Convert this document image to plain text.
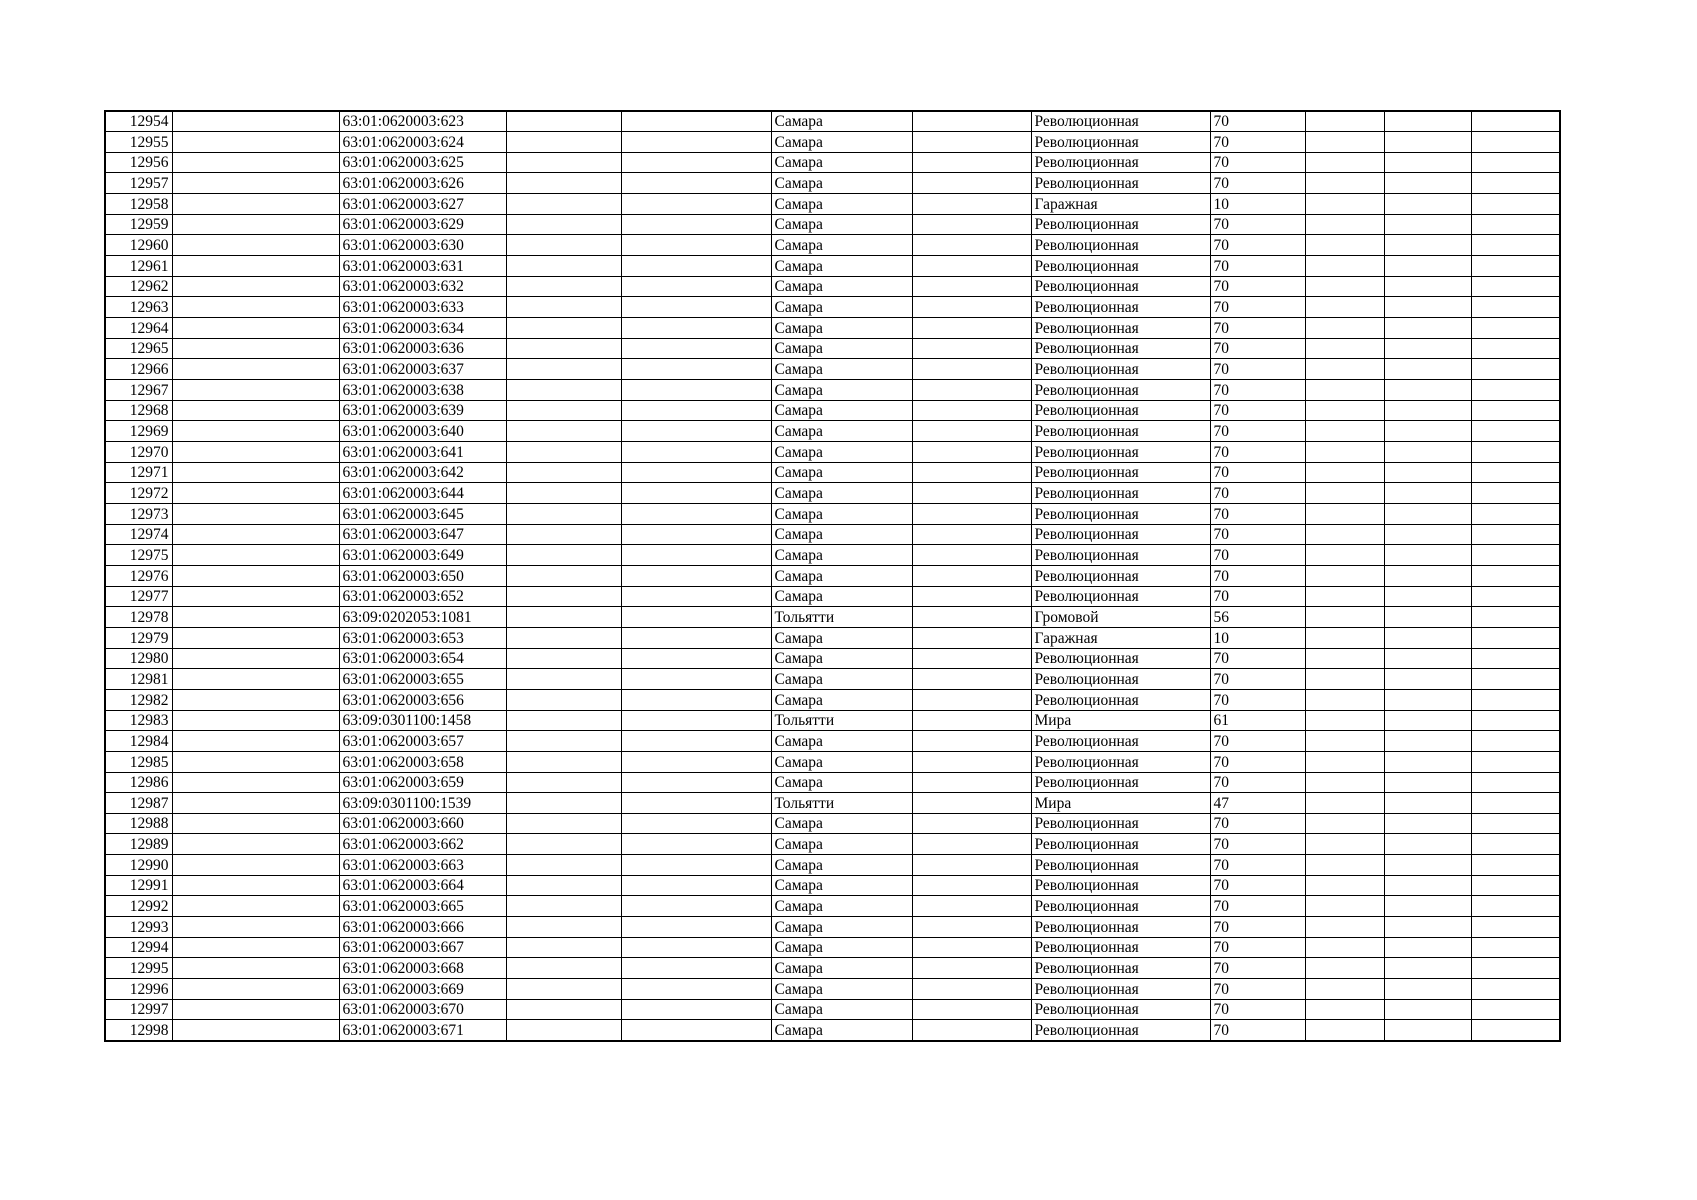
12954		63:01:0620003:623			Самара		Революционная	70			
12955		63:01:0620003:624			Самара		Революционная	70			
12956		63:01:0620003:625			Самара		Революционная	70			
12957		63:01:0620003:626			Самара		Революционная	70			
12958		63:01:0620003:627			Самара		Гаражная	10			
12959		63:01:0620003:629			Самара		Революционная	70			
12960		63:01:0620003:630			Самара		Революционная	70			
12961		63:01:0620003:631			Самара		Революционная	70			
12962		63:01:0620003:632			Самара		Революционная	70			
12963		63:01:0620003:633			Самара		Революционная	70			
12964		63:01:0620003:634			Самара		Революционная	70			
12965		63:01:0620003:636			Самара		Революционная	70			
12966		63:01:0620003:637			Самара		Революционная	70			
12967		63:01:0620003:638			Самара		Революционная	70			
12968		63:01:0620003:639			Самара		Революционная	70			
12969		63:01:0620003:640			Самара		Революционная	70			
12970		63:01:0620003:641			Самара		Революционная	70			
12971		63:01:0620003:642			Самара		Революционная	70			
12972		63:01:0620003:644			Самара		Революционная	70			
12973		63:01:0620003:645			Самара		Революционная	70			
12974		63:01:0620003:647			Самара		Революционная	70			
12975		63:01:0620003:649			Самара		Революционная	70			
12976		63:01:0620003:650			Самара		Революционная	70			
12977		63:01:0620003:652			Самара		Революционная	70			
12978		63:09:0202053:1081			Тольятти		Громовой	56			
12979		63:01:0620003:653			Самара		Гаражная	10			
12980		63:01:0620003:654			Самара		Революционная	70			
12981		63:01:0620003:655			Самара		Революционная	70			
12982		63:01:0620003:656			Самара		Революционная	70			
12983		63:09:0301100:1458			Тольятти		Мира	61			
12984		63:01:0620003:657			Самара		Революционная	70			
12985		63:01:0620003:658			Самара		Революционная	70			
12986		63:01:0620003:659			Самара		Революционная	70			
12987		63:09:0301100:1539			Тольятти		Мира	47			
12988		63:01:0620003:660			Самара		Революционная	70			
12989		63:01:0620003:662			Самара		Революционная	70			
12990		63:01:0620003:663			Самара		Революционная	70			
12991		63:01:0620003:664			Самара		Революционная	70			
12992		63:01:0620003:665			Самара		Революционная	70			
12993		63:01:0620003:666			Самара		Революционная	70			
12994		63:01:0620003:667			Самара		Революционная	70			
12995		63:01:0620003:668			Самара		Революционная	70			
12996		63:01:0620003:669			Самара		Революционная	70			
12997		63:01:0620003:670			Самара		Революционная	70			
12998		63:01:0620003:671			Самара		Революционная	70			
